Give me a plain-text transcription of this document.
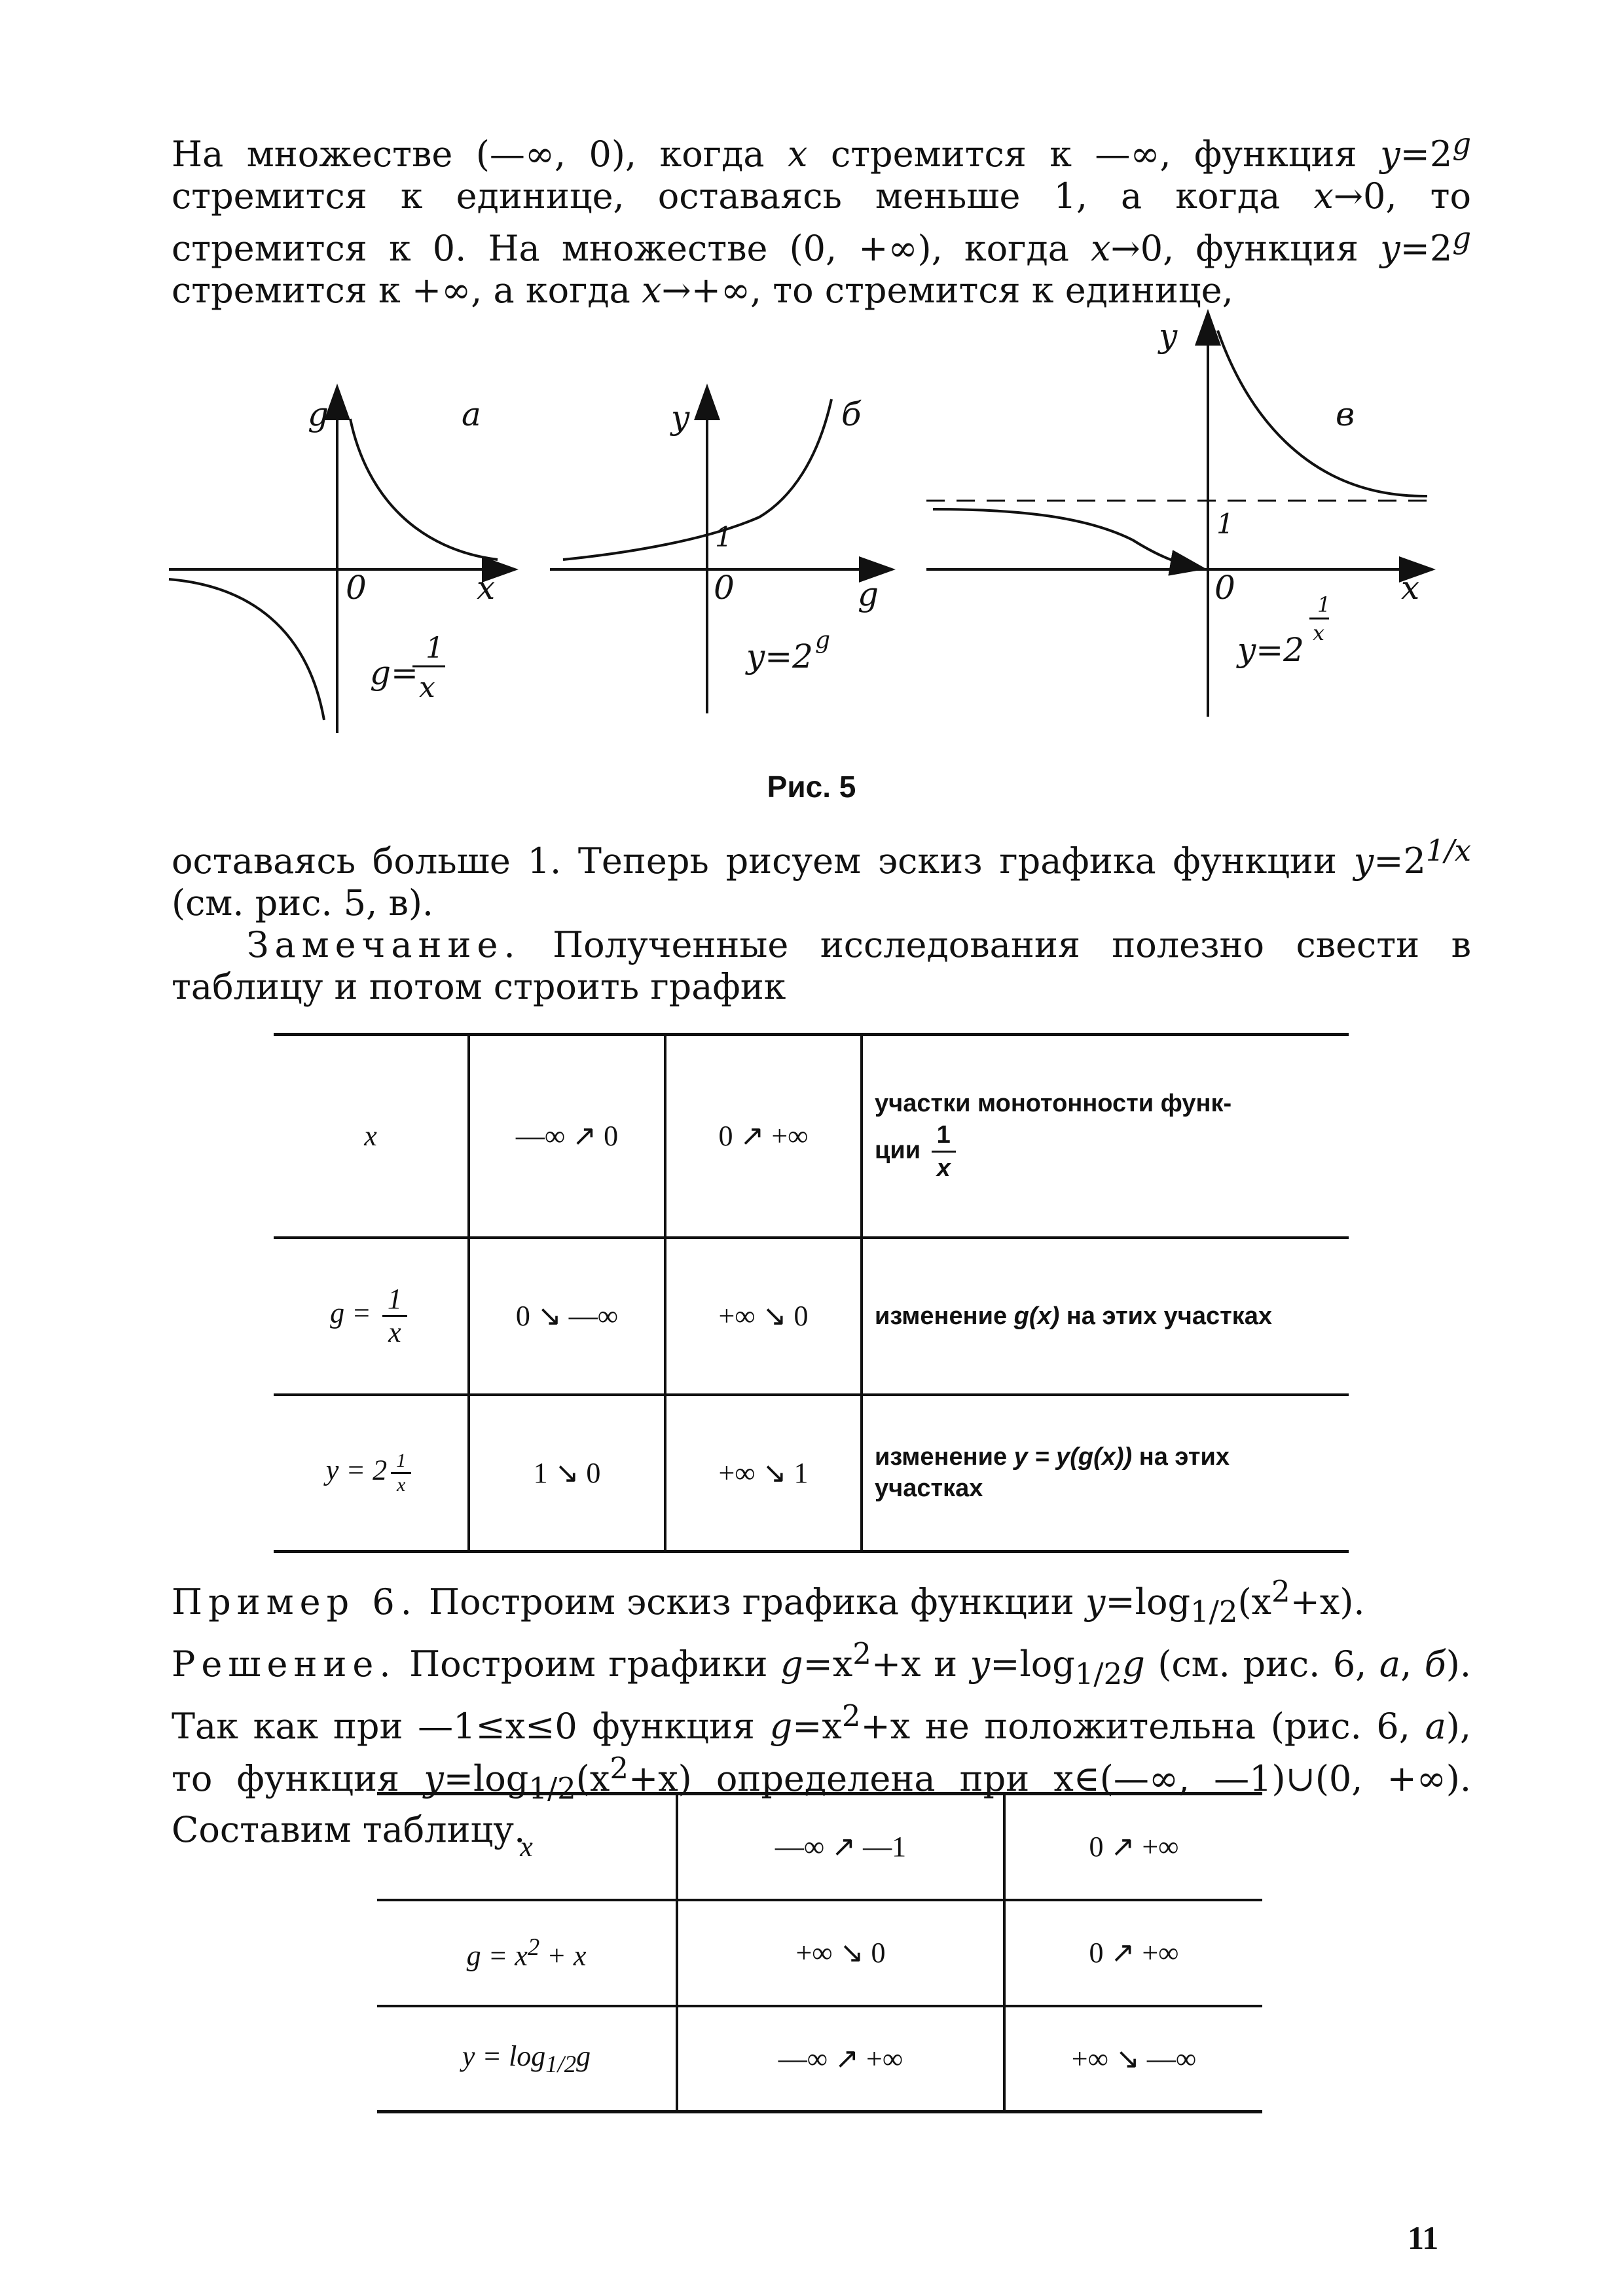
На множестве (—∞, 0), когда x стремится к —∞, функция $y=2^g$ стремится к единице, оставаясь меньше 1, а когда x→0, то стремится к 0. На множестве (0, +∞), когда x→0, функция $y=2^g$ стремится к +∞, а когда x→+∞, то стремится к единице,
g	а
0	x
g=
1
x
y	б
1
0	g
y=2 g
y
в
1
0	x
y=2
1
x
Рис. 5
оставаясь больше 1. Теперь рисуем эскиз графика функции $y=2^{1/x}$ (см. рис. 5, в).
Замечание. Полученные исследования полезно свести в таблицу и потом строить график
x	—∞ ↗ 0	0 ↗ +∞	участки монотонности функ-
ции $\frac{1}{x}$

$g = \frac{1}{x}$	0 ↘ —∞	+∞ ↘ 0	изменение g(x) на этих участках
$y = 2 \frac{1}{x}$	1 ↘ 0	+∞ ↘ 1	изменение y = y(g(x)) на этих участках
Пример 6. Построим эскиз графика функции $y=\log_{1/2}(x^2+x)$.
Решение. Построим графики $g=x^2+x$ и $y=\log_{1/2}g$ (см. рис. 6, а, б). Так как при —1≤x≤0 функция $g=x^2+x$ не положительна (рис. 6, а), то функция $y=\log_{1/2}(x^2+x)$ определена при x∈(—∞, —1)∪(0, +∞). Составим таблицу.
x	—∞ ↗ —1	0 ↗ +∞
$g = x^2 + x$	+∞ ↘ 0	0 ↗ +∞
$y = \log_{1/2}g$	—∞ ↗ +∞	+∞ ↘ —∞
11
